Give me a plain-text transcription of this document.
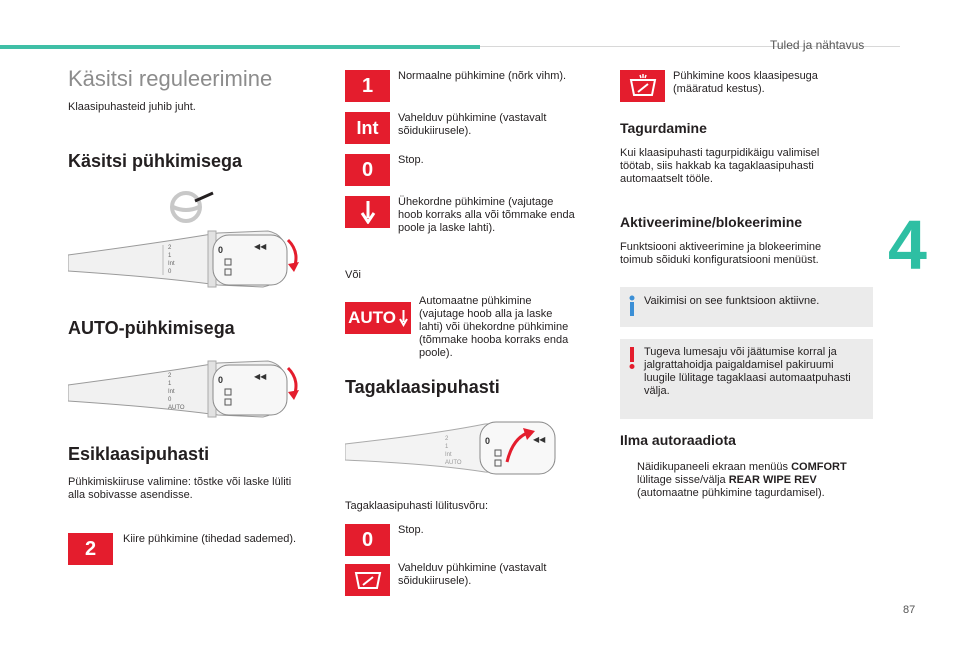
Tuled ja nähtavus
4
87
Käsitsi reguleerimine
Klaasipuhasteid juhib juht.
Käsitsi pühkimisega
2
1
Int
0
0	◀◀
AUTO-pühkimisega
2
1
Int
0
AUTO
0	◀◀
Esiklaasipuhasti
Pühkimiskiiruse valimine: tõstke või laske lüliti
alla sobivasse asendisse.
2	Kiire pühkimine (tihedad sademed).
1	Normaalne pühkimine (nõrk vihm).
Int	Vahelduv pühkimine (vastavalt
sõidukiirusele).
0	Stop.
Ühekordne pühkimine (vajutage
hoob korraks alla või tõmmake enda
poole ja laske lahti).
Või
AUTO
Automaatne pühkimine
(vajutage hoob alla ja laske
lahti) või ühekordne pühkimine
(tõmmake hooba korraks enda
poole).
Tagaklaasipuhasti
2
1
Int
AUTO
0	◀◀
Tagaklaasipuhasti lülitusvõru:
0	Stop.
Vahelduv pühkimine (vastavalt
sõidukiirusele).
Pühkimine koos klaasipesuga
(määratud kestus).
Tagurdamine
Kui klaasipuhasti tagurpidikäigu valimisel
töötab, siis hakkab ka tagaklaasipuhasti
automaatselt tööle.
Aktiveerimine/blokeerimine
Funktsiooni aktiveerimine ja blokeerimine
toimub sõiduki konfiguratsiooni menüüst.
Vaikimisi on see funktsioon aktiivne.
Tugeva lumesaju või jäätumise korral ja
jalgrattahoidja paigaldamisel pakiruumi
luugile lülitage tagaklaasi automaatpuhasti
välja.
Ilma autoraadiota
Näidikupaneeli ekraan menüüs COMFORT
lülitage sisse/välja REAR WIPE REV
(automaatne pühkimine tagurdamisel).
